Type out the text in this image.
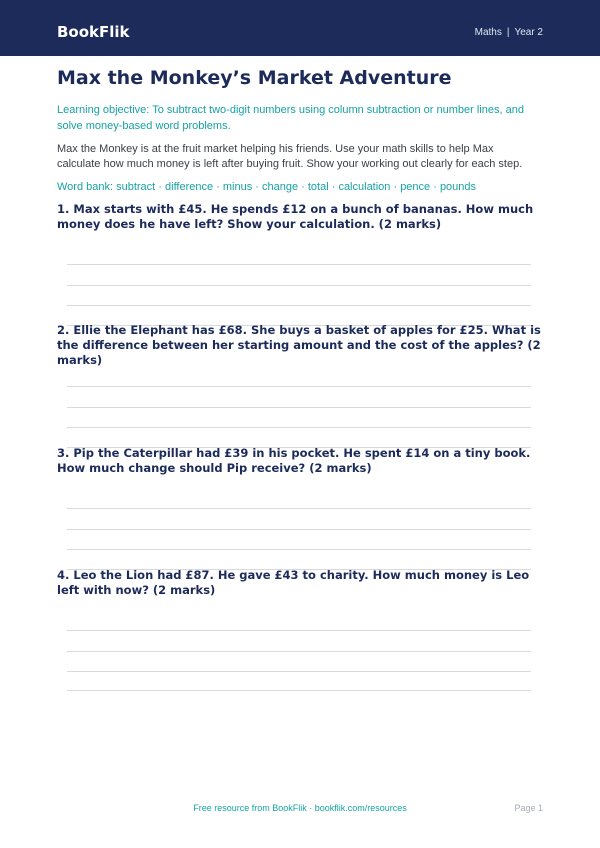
BookFlik	Maths | Year 2
Max the Monkey’s Market Adventure
Learning objective: To subtract two-digit numbers using column subtraction or number lines, and solve money-based word problems.
Max the Monkey is at the fruit market helping his friends. Use your math skills to help Max calculate how much money is left after buying fruit. Show your working out clearly for each step.
Word bank: subtract · difference · minus · change · total · calculation · pence · pounds
1. Max starts with £45. He spends £12 on a bunch of bananas. How much money does he have left? Show your calculation. (2 marks)
2. Ellie the Elephant has £68. She buys a basket of apples for £25. What is the difference between her starting amount and the cost of the apples? (2 marks)
3. Pip the Caterpillar had £39 in his pocket. He spent £14 on a tiny book. How much change should Pip receive? (2 marks)
4. Leo the Lion had £87. He gave £43 to charity. How much money is Leo left with now? (2 marks)
Free resource from BookFlik · bookflik.com/resources	Page 1
